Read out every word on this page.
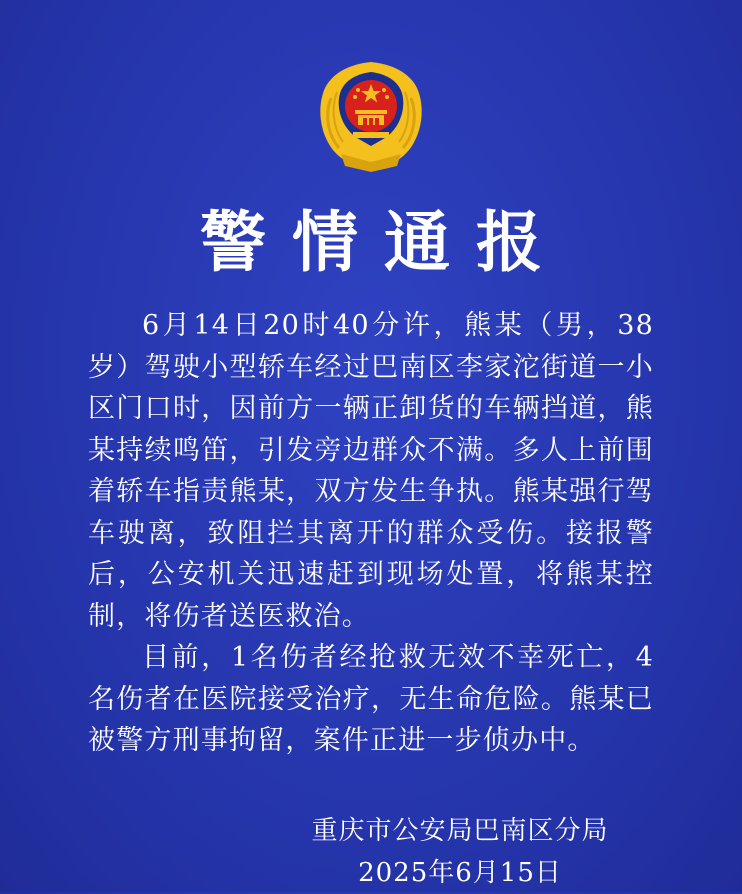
警情通报

6月14日20时40分许，熊某（男，38岁）驾驶小型轿车经过巴南区李家沱街道一小区门口时，因前方一辆正卸货的车辆挡道，熊某持续鸣笛，引发旁边群众不满。多人上前围着轿车指责熊某，双方发生争执。熊某强行驾车驶离，致阻拦其离开的群众受伤。接报警后，公安机关迅速赶到现场处置，将熊某控制，将伤者送医救治。

目前，1名伤者经抢救无效不幸死亡，4名伤者在医院接受治疗，无生命危险。熊某已被警方刑事拘留，案件正进一步侦办中。

重庆市公安局巴南区分局
2025年6月15日
